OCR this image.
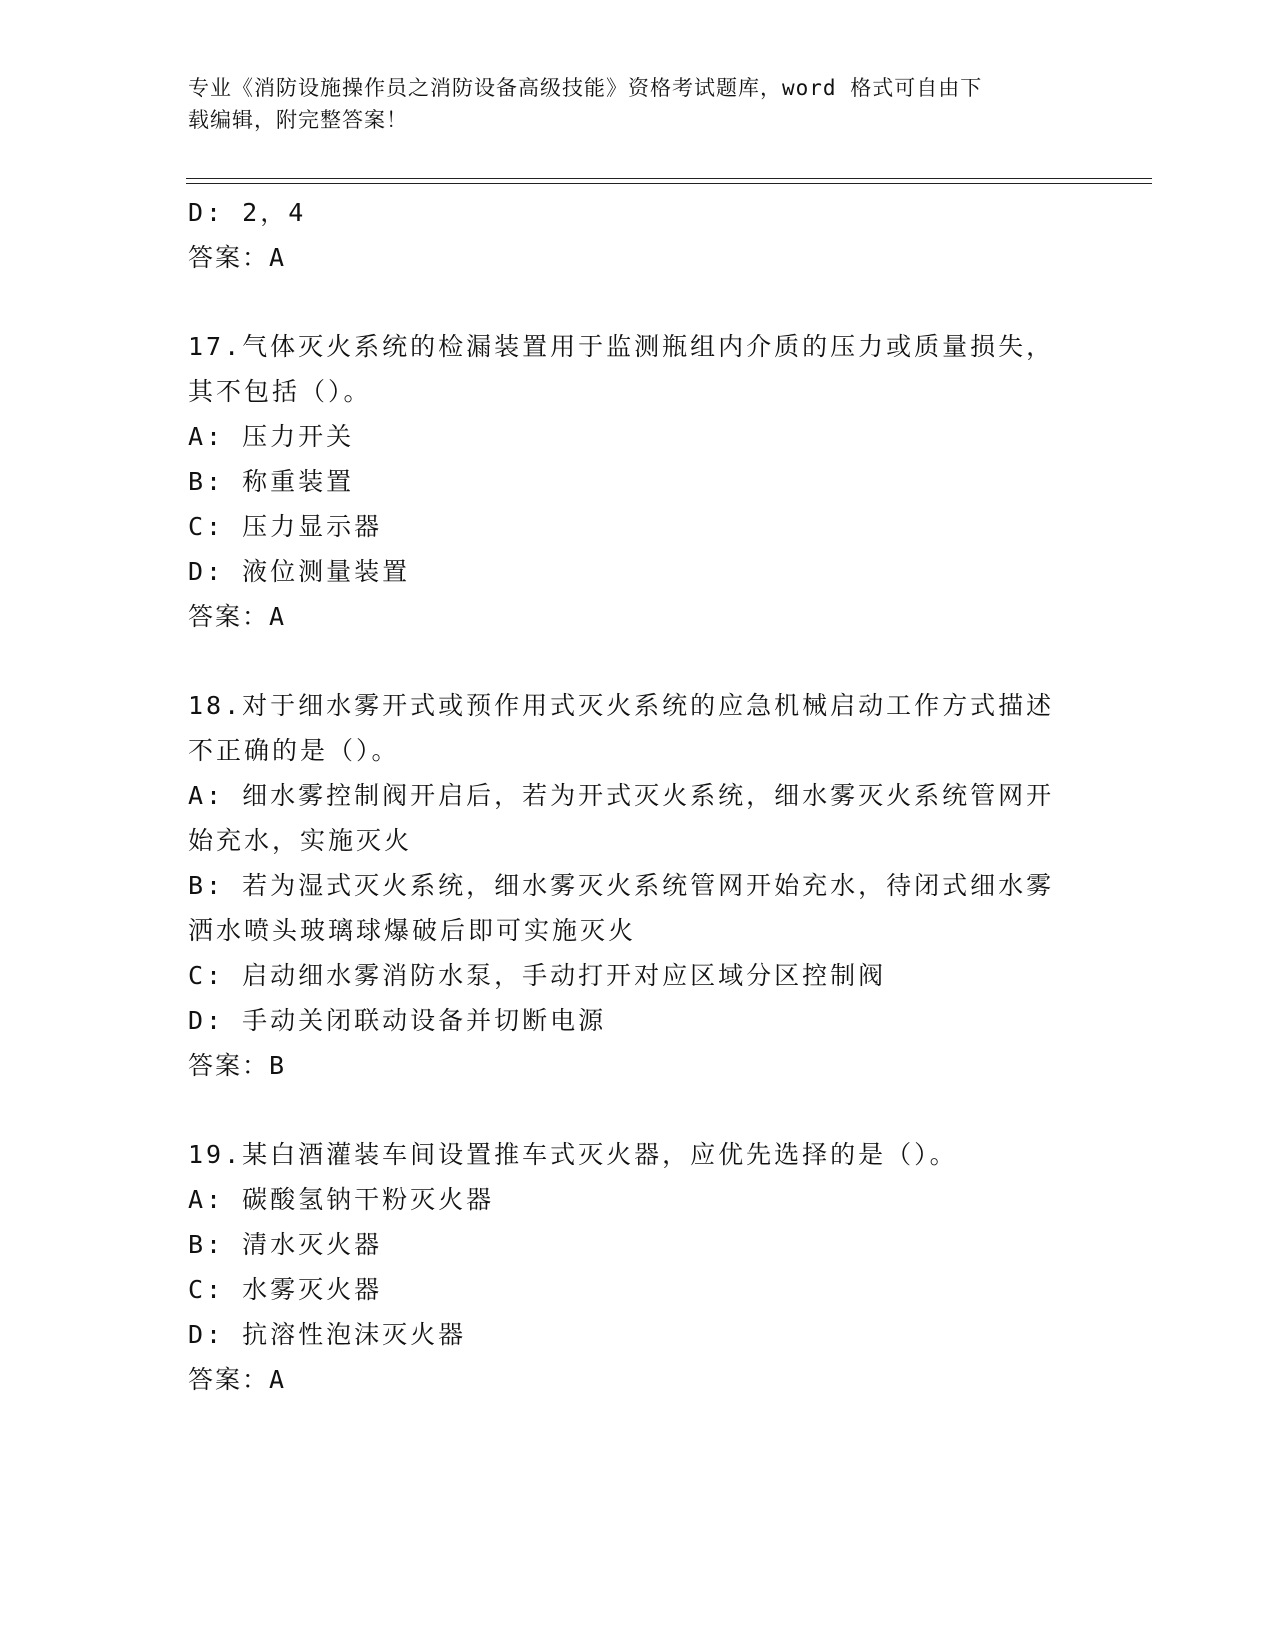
专业《消防设施操作员之消防设备高级技能》资格考试题库，word 格式可自由下
载编辑，附完整答案！
D: 2，4
答案：A
17.气体灭火系统的检漏装置用于监测瓶组内介质的压力或质量损失，
其不包括（）。
A: 压力开关
B: 称重装置
C: 压力显示器
D: 液位测量装置
答案：A
18.对于细水雾开式或预作用式灭火系统的应急机械启动工作方式描述
不正确的是（）。
A: 细水雾控制阀开启后，若为开式灭火系统，细水雾灭火系统管网开
始充水，实施灭火
B: 若为湿式灭火系统，细水雾灭火系统管网开始充水，待闭式细水雾
洒水喷头玻璃球爆破后即可实施灭火
C: 启动细水雾消防水泵，手动打开对应区域分区控制阀
D: 手动关闭联动设备并切断电源
答案：B
19.某白酒灌装车间设置推车式灭火器，应优先选择的是（）。
A: 碳酸氢钠干粉灭火器
B: 清水灭火器
C: 水雾灭火器
D: 抗溶性泡沫灭火器
答案：A
